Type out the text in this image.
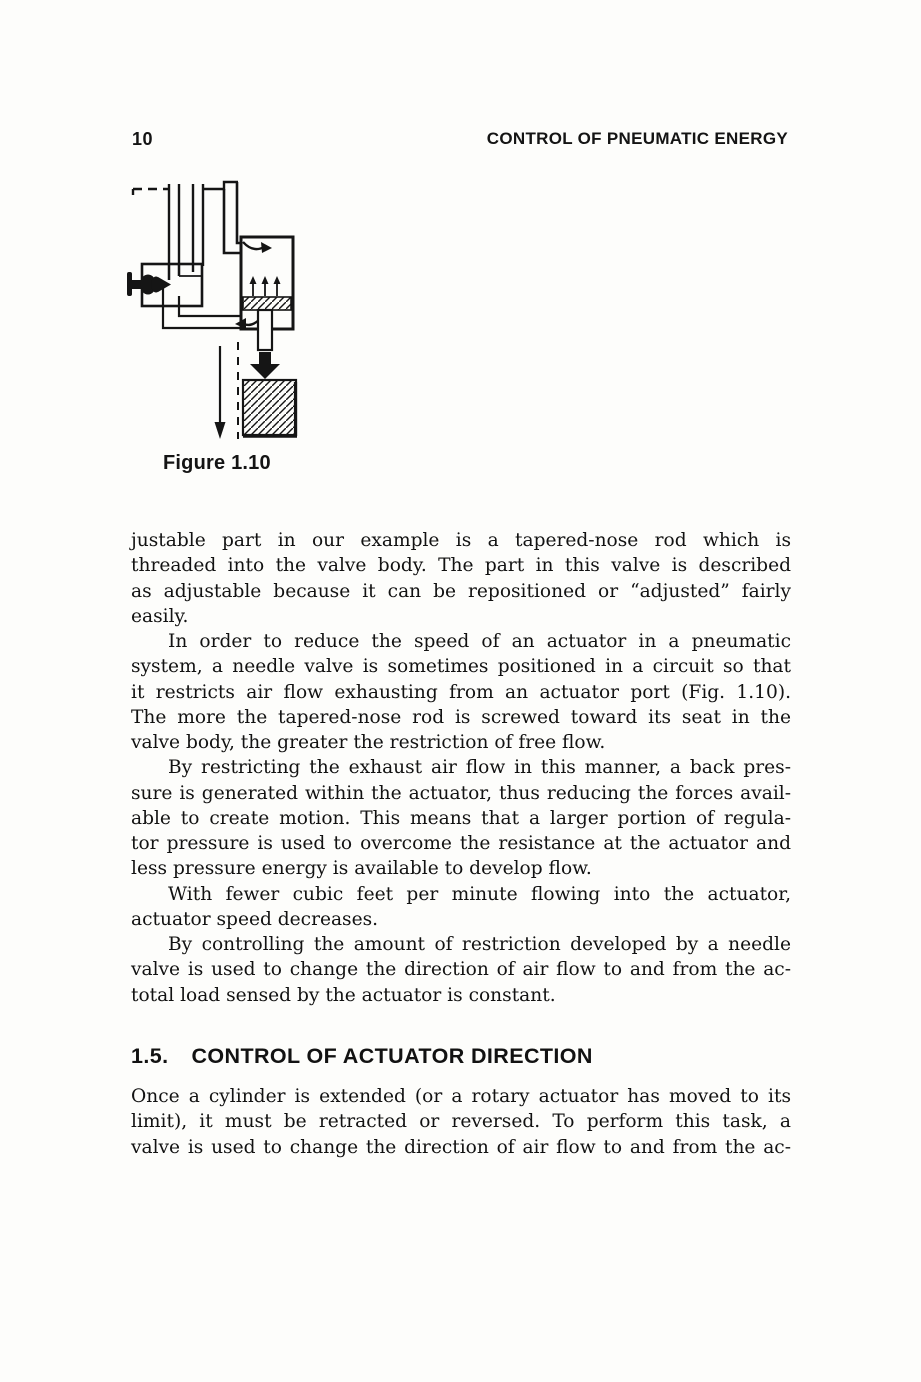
10	CONTROL OF PNEUMATIC ENERGY
Figure 1.10
justable part in our example is a tapered-nose rod which is
threaded into the valve body. The part in this valve is described
as adjustable because it can be repositioned or “adjusted” fairly
easily.
In order to reduce the speed of an actuator in a pneumatic
system, a needle valve is sometimes positioned in a circuit so that
it restricts air flow exhausting from an actuator port (Fig. 1.10).
The more the tapered-nose rod is screwed toward its seat in the
valve body, the greater the restriction of free flow.
By restricting the exhaust air flow in this manner, a back pres-
sure is generated within the actuator, thus reducing the forces avail-
able to create motion. This means that a larger portion of regula-
tor pressure is used to overcome the resistance at the actuator and
less pressure energy is available to develop flow.
With fewer cubic feet per minute flowing into the actuator,
actuator speed decreases.
By controlling the amount of restriction developed by a needle
valve is used to change the direction of air flow to and from the ac-
total load sensed by the actuator is constant.
1.5. CONTROL OF ACTUATOR DIRECTION
Once a cylinder is extended (or a rotary actuator has moved to its
limit), it must be retracted or reversed. To perform this task, a
valve is used to change the direction of air flow to and from the ac-
